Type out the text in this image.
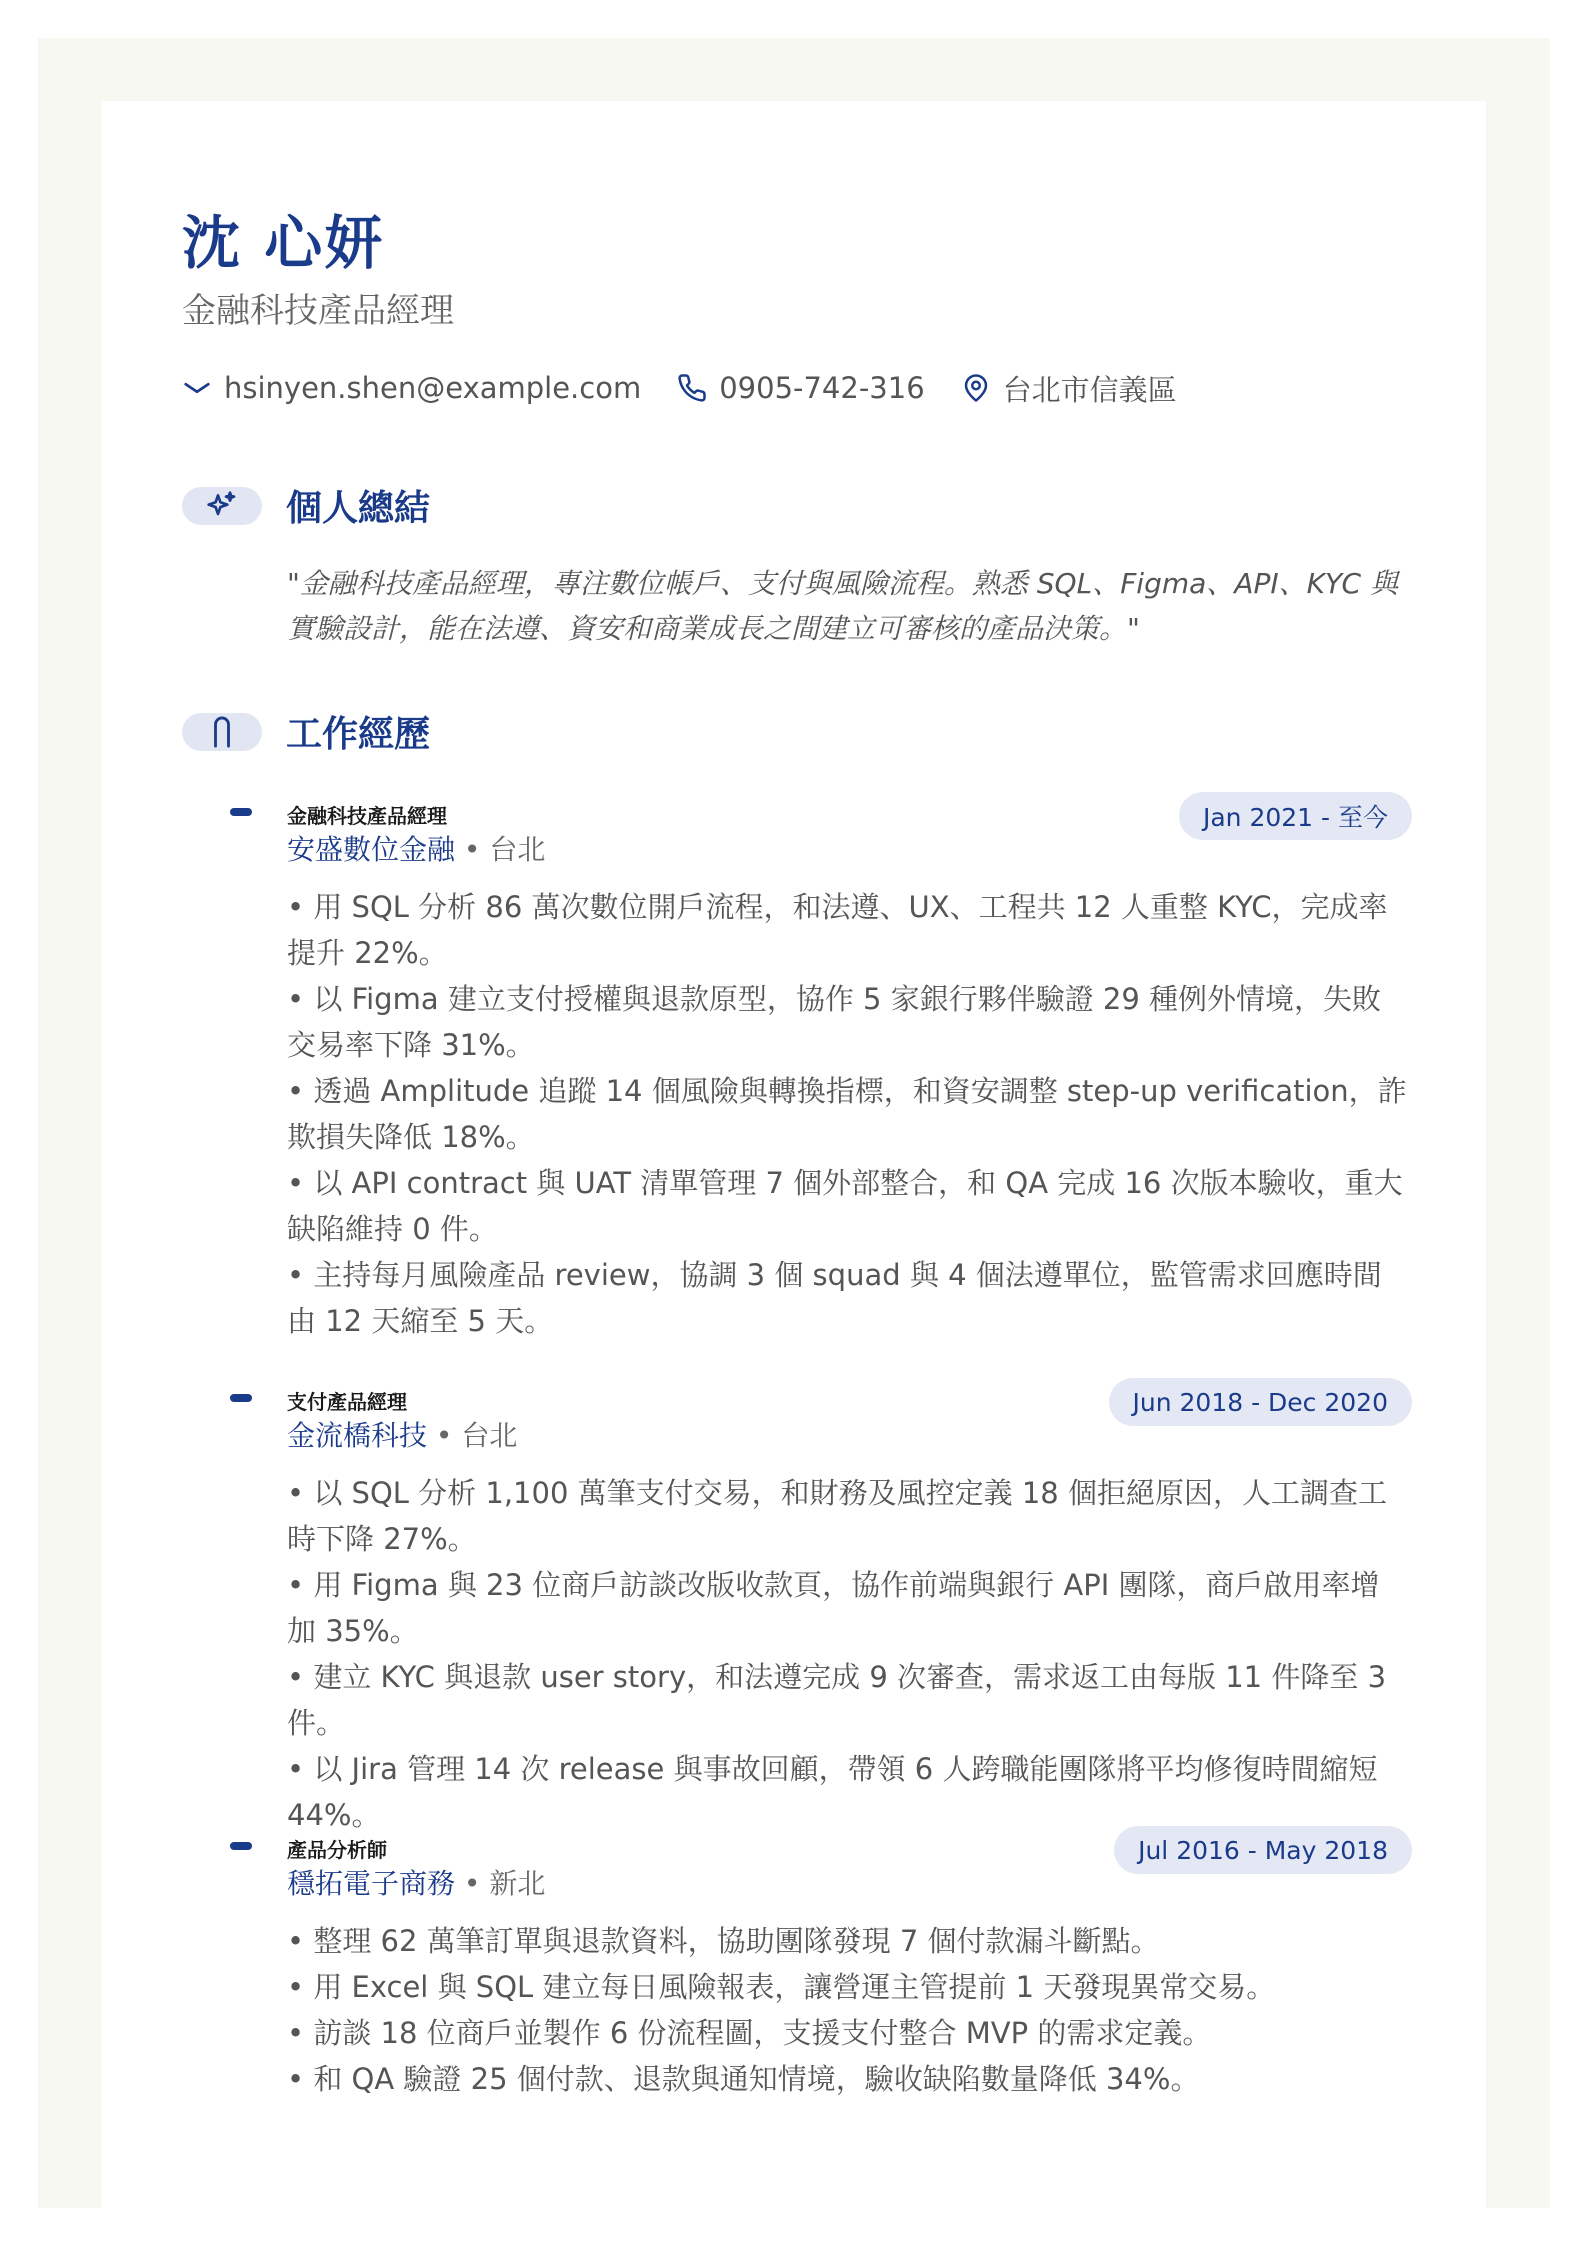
沈 心妍
金融科技產品經理
hsinyen.shen@example.com	0905-742-316	台北市信義區
個人總結
"金融科技產品經理，專注數位帳戶、支付與風險流程。熟悉 SQL、Figma、API、KYC 與實驗設計，能在法遵、資安和商業成長之間建立可審核的產品決策。"
工作經歷
金融科技產品經理
安盛數位金融 • 台北
Jan 2021 - 至今
• 用 SQL 分析 86 萬次數位開戶流程，和法遵、UX、工程共 12 人重整 KYC，完成率提升 22%。
• 以 Figma 建立支付授權與退款原型，協作 5 家銀行夥伴驗證 29 種例外情境，失敗交易率下降 31%。
• 透過 Amplitude 追蹤 14 個風險與轉換指標，和資安調整 step-up verification，詐欺損失降低 18%。
• 以 API contract 與 UAT 清單管理 7 個外部整合，和 QA 完成 16 次版本驗收，重大缺陷維持 0 件。
• 主持每月風險產品 review，協調 3 個 squad 與 4 個法遵單位，監管需求回應時間由 12 天縮至 5 天。
支付產品經理
金流橋科技 • 台北
Jun 2018 - Dec 2020
• 以 SQL 分析 1,100 萬筆支付交易，和財務及風控定義 18 個拒絕原因，人工調查工時下降 27%。
• 用 Figma 與 23 位商戶訪談改版收款頁，協作前端與銀行 API 團隊，商戶啟用率增加 35%。
• 建立 KYC 與退款 user story，和法遵完成 9 次審查，需求返工由每版 11 件降至 3 件。
• 以 Jira 管理 14 次 release 與事故回顧，帶領 6 人跨職能團隊將平均修復時間縮短 44%。
產品分析師
穩拓電子商務 • 新北
Jul 2016 - May 2018
• 整理 62 萬筆訂單與退款資料，協助團隊發現 7 個付款漏斗斷點。
• 用 Excel 與 SQL 建立每日風險報表，讓營運主管提前 1 天發現異常交易。
• 訪談 18 位商戶並製作 6 份流程圖，支援支付整合 MVP 的需求定義。
• 和 QA 驗證 25 個付款、退款與通知情境，驗收缺陷數量降低 34%。
